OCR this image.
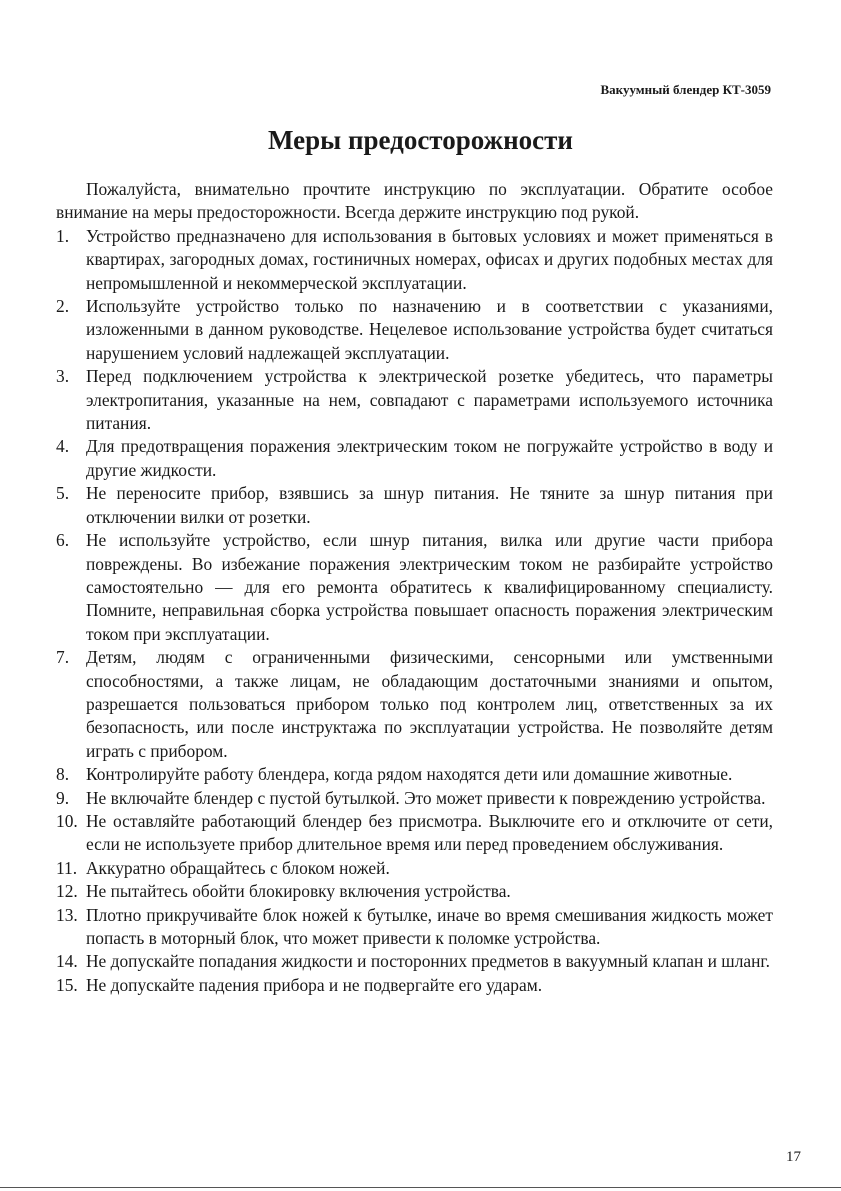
Вакуумный блендер КТ-3059
Меры предосторожности

Пожалуйста, внимательно прочтите инструкцию по эксплуатации. Обратите особое внимание на меры предосторожности. Всегда держите инструкцию под рукой.

1. Устройство предназначено для использования в бытовых условиях и может применяться в квартирах, загородных домах, гостиничных номерах, офисах и других подобных местах для непромышленной и некоммерческой эксплуатации.
2. Используйте устройство только по назначению и в соответствии с указаниями, изложенными в данном руководстве. Нецелевое использование устройства будет считаться нарушением условий надлежащей эксплуатации.
3. Перед подключением устройства к электрической розетке убедитесь, что параметры электропитания, указанные на нем, совпадают с параметрами используемого источника питания.
4. Для предотвращения поражения электрическим током не погружайте устройство в воду и другие жидкости.
5. Не переносите прибор, взявшись за шнур питания. Не тяните за шнур питания при отключении вилки от розетки.
6. Не используйте устройство, если шнур питания, вилка или другие части прибора повреждены. Во избежание поражения электрическим током не разбирайте устройство самостоятельно — для его ремонта обратитесь к квалифицированному специалисту. Помните, неправильная сборка устройства повышает опасность поражения электрическим током при эксплуатации.
7. Детям, людям с ограниченными физическими, сенсорными или умственными способностями, а также лицам, не обладающим достаточными знаниями и опытом, разрешается пользоваться прибором только под контролем лиц, ответственных за их безопасность, или после инструктажа по эксплуатации устройства. Не позволяйте детям играть с прибором.
8. Контролируйте работу блендера, когда рядом находятся дети или домашние животные.
9. Не включайте блендер с пустой бутылкой. Это может привести к повреждению устройства.
10. Не оставляйте работающий блендер без присмотра. Выключите его и отключите от сети, если не используете прибор длительное время или перед проведением обслуживания.
11. Аккуратно обращайтесь с блоком ножей.
12. Не пытайтесь обойти блокировку включения устройства.
13. Плотно прикручивайте блок ножей к бутылке, иначе во время смешивания жидкость может попасть в моторный блок, что может привести к поломке устройства.
14. Не допускайте попадания жидкости и посторонних предметов в вакуумный клапан и шланг.
15. Не допускайте падения прибора и не подвергайте его ударам.
17
